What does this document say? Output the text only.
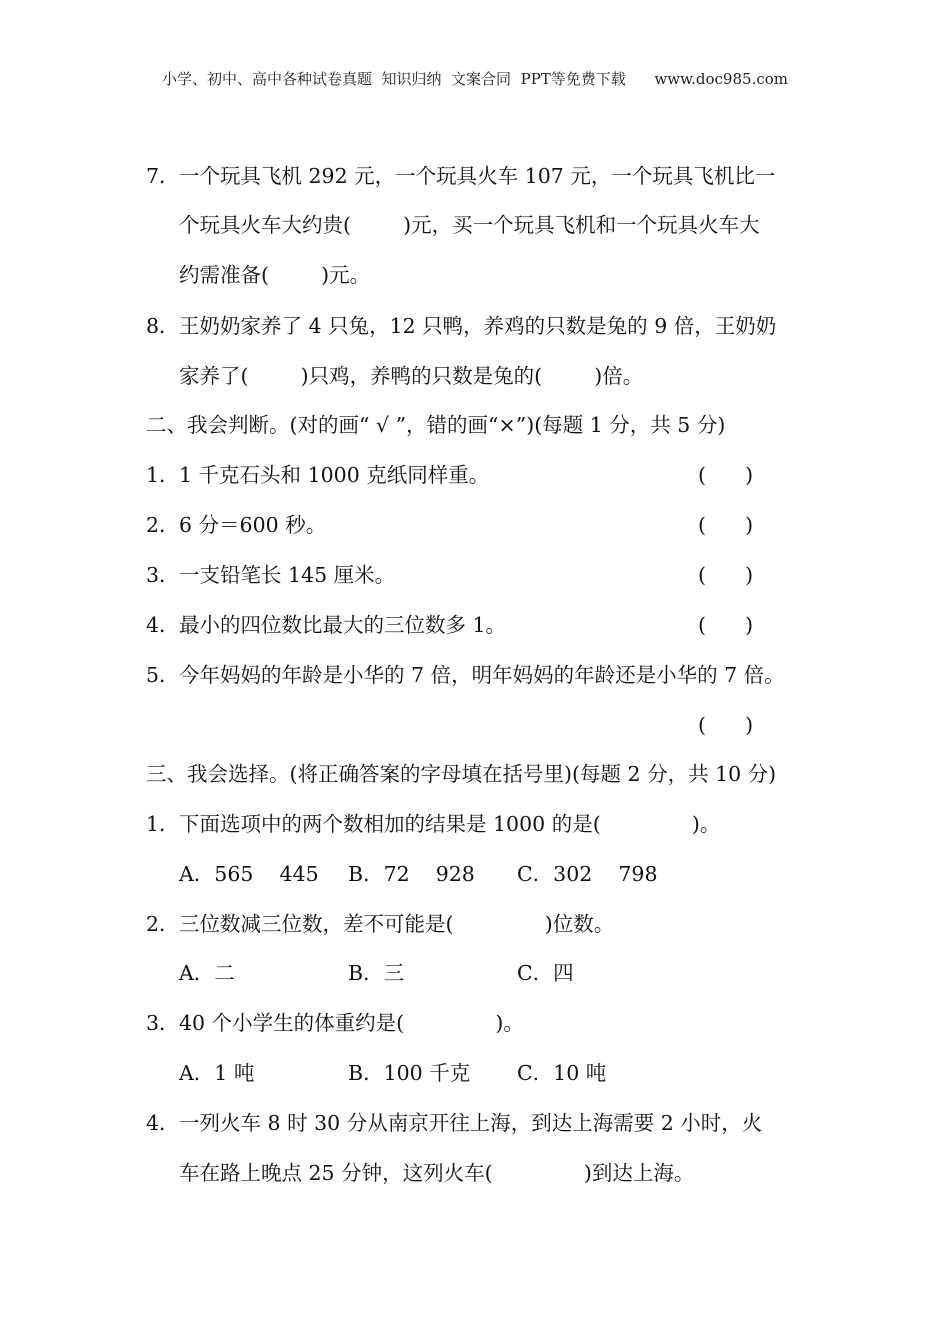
小学、初中、高中各种试卷真题  知识归纳  文案合同  PPT等免费下载      www.doc985.com
7．一个玩具飞机 292 元，一个玩具火车 107 元，一个玩具飞机比一
个玩具火车大约贵(        )元，买一个玩具飞机和一个玩具火车大
约需准备(        )元。
8．王奶奶家养了 4 只兔，12 只鸭，养鸡的只数是兔的 9 倍，王奶奶
家养了(        )只鸡，养鸭的只数是兔的(        )倍。
二、我会判断。(对的画“ √ ”，错的画“×”)(每题 1 分，共 5 分)
1．1 千克石头和 1000 克纸同样重。	(      )
2．6 分＝600 秒。	(      )
3．一支铅笔长 145 厘米。	(      )
4．最小的四位数比最大的三位数多 1。	(      )
5．今年妈妈的年龄是小华的 7 倍，明年妈妈的年龄还是小华的 7 倍。
(      )
三、我会选择。(将正确答案的字母填在括号里)(每题 2 分，共 10 分)
1．下面选项中的两个数相加的结果是 1000 的是(              )。
A．565    445 B．72    928 C．302    798
2．三位数减三位数，差不可能是(              )位数。
A．二	B．三	C．四
3．40 个小学生的体重约是(              )。
A．1 吨	B．100 千克 C．10 吨
4．一列火车 8 时 30 分从南京开往上海，到达上海需要 2 小时，火
车在路上晚点 25 分钟，这列火车(              )到达上海。
